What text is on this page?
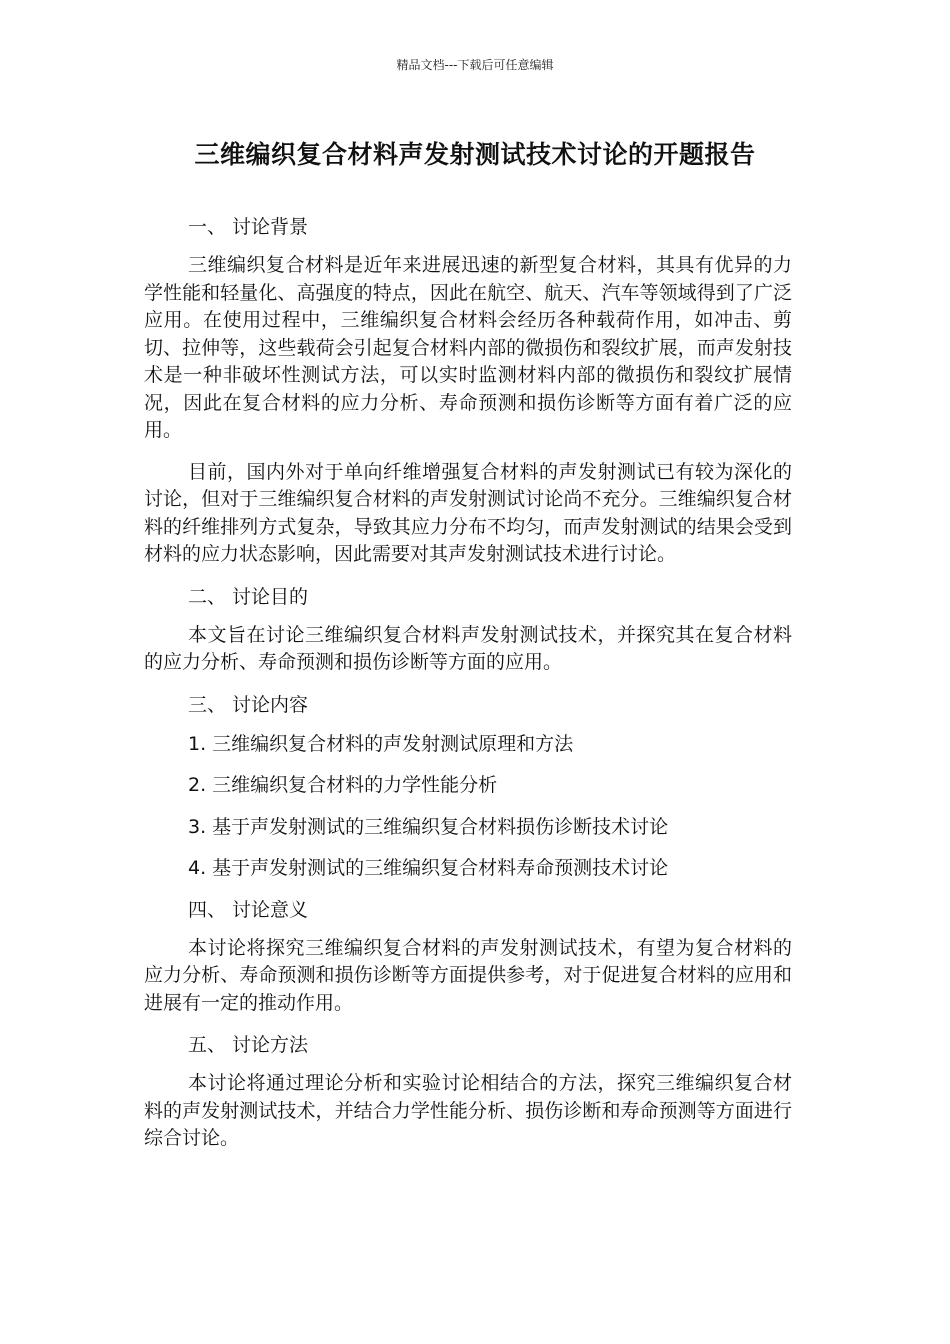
精品文档---下载后可任意编辑
三维编织复合材料声发射测试技术讨论的开题报告

一、 讨论背景

三维编织复合材料是近年来进展迅速的新型复合材料，其具有优异的力学性能和轻量化、高强度的特点，因此在航空、航天、汽车等领域得到了广泛应用。在使用过程中，三维编织复合材料会经历各种载荷作用，如冲击、剪切、拉伸等，这些载荷会引起复合材料内部的微损伤和裂纹扩展，而声发射技术是一种非破坏性测试方法，可以实时监测材料内部的微损伤和裂纹扩展情况，因此在复合材料的应力分析、寿命预测和损伤诊断等方面有着广泛的应用。

目前，国内外对于单向纤维增强复合材料的声发射测试已有较为深化的讨论，但对于三维编织复合材料的声发射测试讨论尚不充分。三维编织复合材料的纤维排列方式复杂，导致其应力分布不均匀，而声发射测试的结果会受到材料的应力状态影响，因此需要对其声发射测试技术进行讨论。

二、 讨论目的

本文旨在讨论三维编织复合材料声发射测试技术，并探究其在复合材料的应力分析、寿命预测和损伤诊断等方面的应用。

三、 讨论内容

1. 三维编织复合材料的声发射测试原理和方法

2. 三维编织复合材料的力学性能分析

3. 基于声发射测试的三维编织复合材料损伤诊断技术讨论

4. 基于声发射测试的三维编织复合材料寿命预测技术讨论

四、 讨论意义

本讨论将探究三维编织复合材料的声发射测试技术，有望为复合材料的应力分析、寿命预测和损伤诊断等方面提供参考，对于促进复合材料的应用和进展有一定的推动作用。

五、 讨论方法

本讨论将通过理论分析和实验讨论相结合的方法，探究三维编织复合材料的声发射测试技术，并结合力学性能分析、损伤诊断和寿命预测等方面进行综合讨论。
